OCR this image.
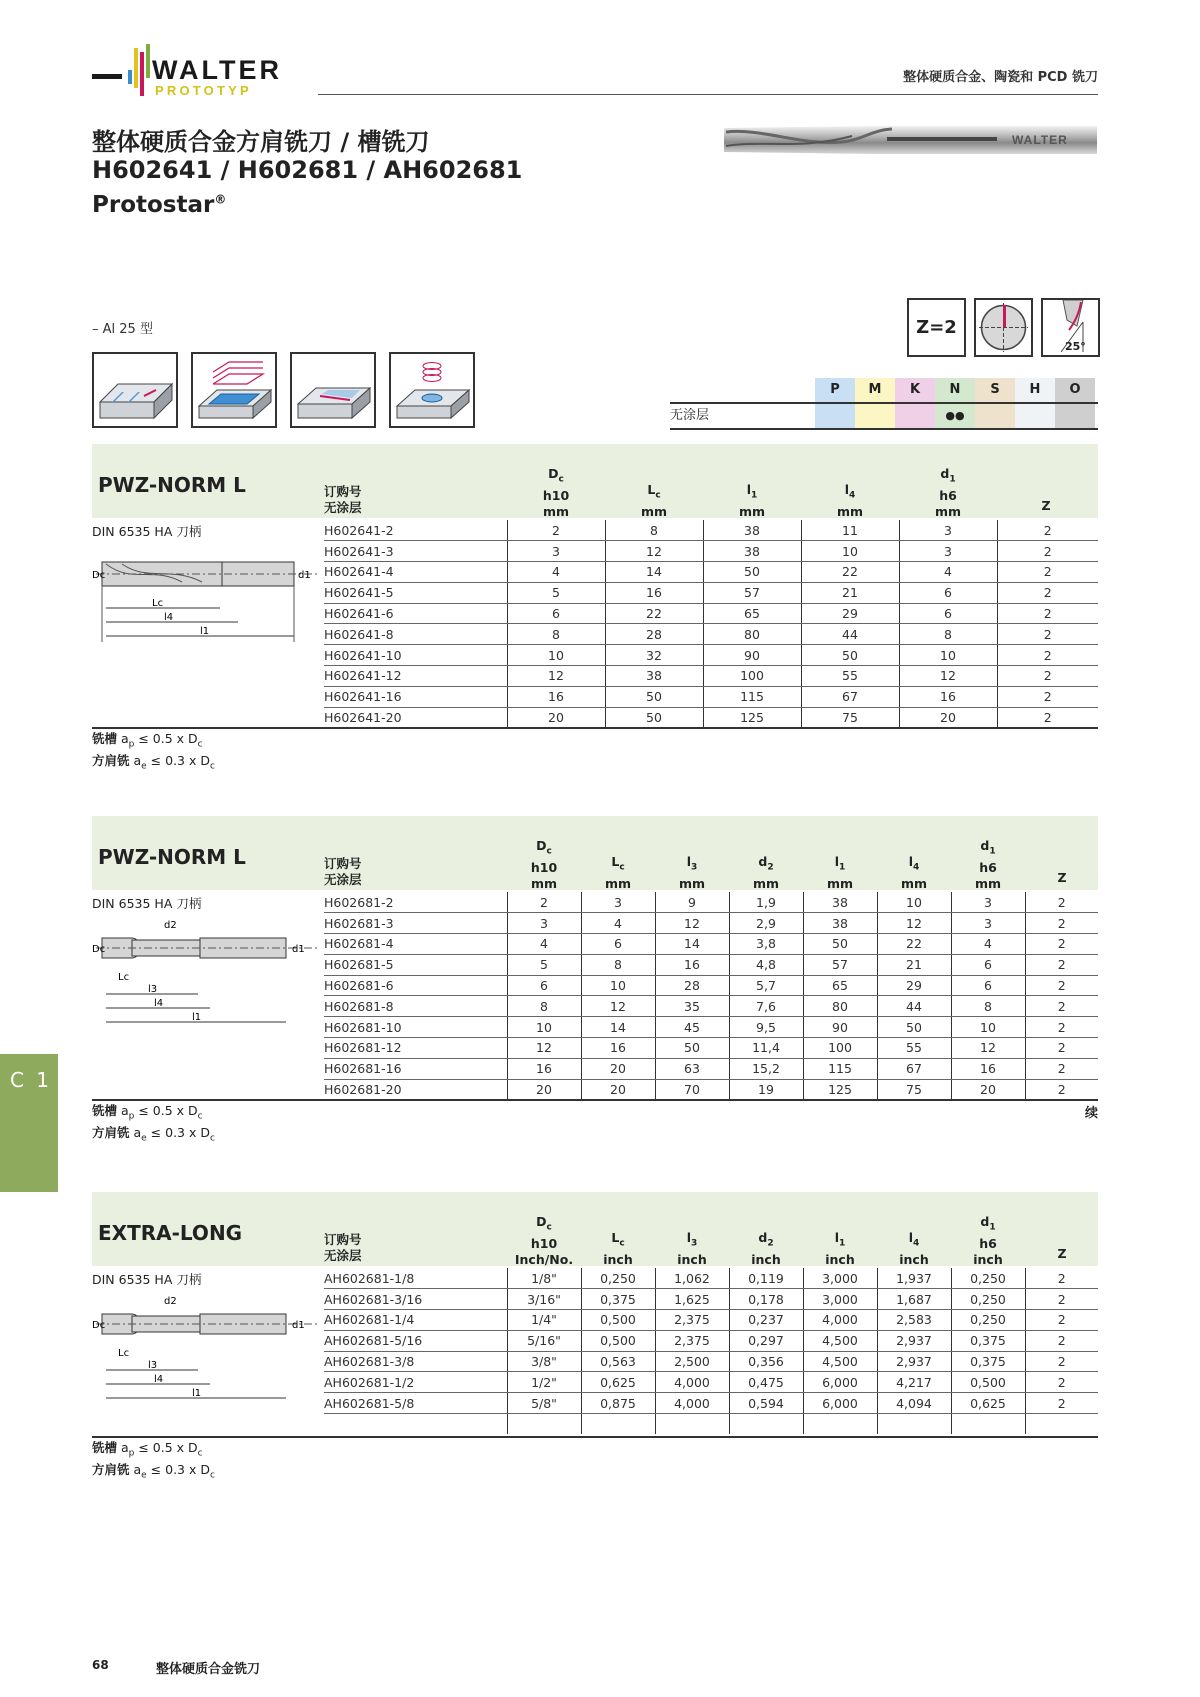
WALTER
PROTOTYP
整体硬质合金、陶瓷和 PCD 铣刀
整体硬质合金方肩铣刀 / 槽铣刀
H602641 / H602681 / AH602681
Protostar®
WALTER
– Al 25 型	Z=2
25°
P	M	K	N	S	H	O
无涂层	●●
PWZ-NORM L	订购号
无涂层
$D_c$
h10
mm
$L_c$
mm
$l_1$
mm
$l_4$
mm
$d_1$
h6
mm	Z
DIN 6535 HA 刀柄
Dc	d1
Lc
l4
l1
H602641-2	2	8	38	11	3	2
H602641-3	3	12	38	10	3	2
H602641-4	4	14	50	22	4	2
H602641-5	5	16	57	21	6	2
H602641-6	6	22	65	29	6	2
H602641-8	8	28	80	44	8	2
H602641-10	10	32	90	50	10	2
H602641-12	12	38	100	55	12	2
H602641-16	16	50	115	67	16	2
H602641-20	20	50	125	75	20	2
铣槽 $a_p \le 0.5$ x $D_c$
方肩铣 $a_e \le 0.3$ x $D_c$
PWZ-NORM L	订购号
无涂层
$D_c$
h10
mm
$L_c$
mm
$l_3$
mm
$d_2$
mm
$l_1$
mm
$l_4$
mm
$d_1$
h6
mm	Z
DIN 6535 HA 刀柄
Dc	d1
d2
Lc
l3
l4
l1
H602681-2	2	3	9	1,9	38	10	3	2
H602681-3	3	4	12	2,9	38	12	3	2
H602681-4	4	6	14	3,8	50	22	4	2
H602681-5	5	8	16	4,8	57	21	6	2
H602681-6	6	10	28	5,7	65	29	6	2
H602681-8	8	12	35	7,6	80	44	8	2
H602681-10	10	14	45	9,5	90	50	10	2
H602681-12	12	16	50	11,4	100	55	12	2
H602681-16	16	20	63	15,2	115	67	16	2
H602681-20	20	20	70	19	125	75	20	2
铣槽 $a_p \le 0.5$ x $D_c$
方肩铣 $a_e \le 0.3$ x $D_c$
续
C 1
EXTRA-LONG	订购号
无涂层
$D_c$
h10
Inch/No.
$L_c$
inch
$l_3$
inch
$d_2$
inch
$l_1$
inch
$l_4$
inch
$d_1$
h6
inch	Z
DIN 6535 HA 刀柄
Dc	d1
d2
Lc
l3
l4
l1
AH602681-1/8	1/8"	0,250	1,062	0,119	3,000	1,937	0,250	2
AH602681-3/16	3/16"	0,375	1,625	0,178	3,000	1,687	0,250	2
AH602681-1/4	1/4"	0,500	2,375	0,237	4,000	2,583	0,250	2
AH602681-5/16	5/16"	0,500	2,375	0,297	4,500	2,937	0,375	2
AH602681-3/8	3/8"	0,563	2,500	0,356	4,500	2,937	0,375	2
AH602681-1/2	1/2"	0,625	4,000	0,475	6,000	4,217	0,500	2
AH602681-5/8	5/8"	0,875	4,000	0,594	6,000	4,094	0,625	2

铣槽 $a_p \le 0.5$ x $D_c$
方肩铣 $a_e \le 0.3$ x $D_c$
68	整体硬质合金铣刀
